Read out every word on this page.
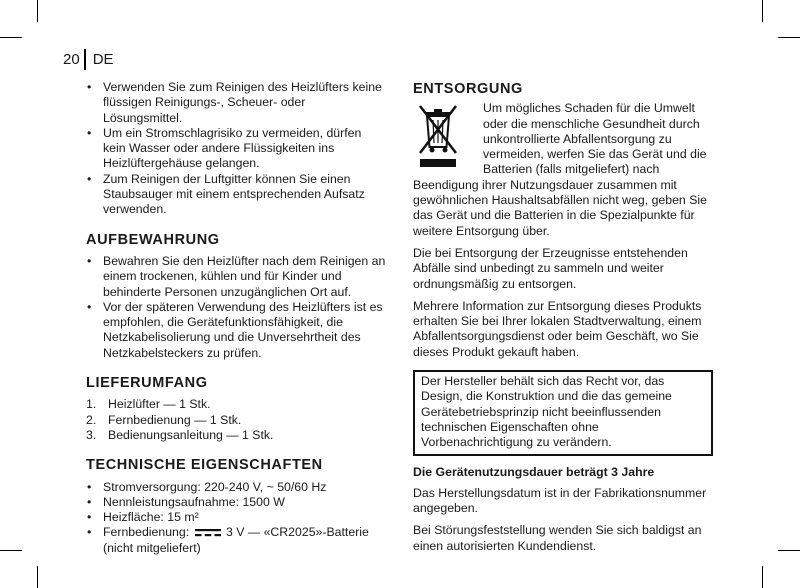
20 DE
• Verwenden Sie zum Reinigen des Heizlüfters keine flüssigen Reinigungs-, Scheuer- oder Lösungsmittel.
• Um ein Stromschlagrisiko zu vermeiden, dürfen kein Wasser oder andere Flüssigkeiten ins Heizlüftergehäuse gelangen.
• Zum Reinigen der Luftgitter können Sie einen Staubsauger mit einem entsprechenden Aufsatz verwenden.
AUFBEWAHRUNG
• Bewahren Sie den Heizlüfter nach dem Reinigen an einem trockenen, kühlen und für Kinder und behinderte Personen unzugänglichen Ort auf.
• Vor der späteren Verwendung des Heizlüfters ist es empfohlen, die Gerätefunktionsfähigkeit, die Netzkabelisolierung und die Unversehrtheit des Netzkabelsteckers zu prüfen.
LIEFERUMFANG
1. Heizlüfter — 1 Stk.
2. Fernbedienung — 1 Stk.
3. Bedienungsanleitung — 1 Stk.
TECHNISCHE EIGENSCHAFTEN
• Stromversorgung: 220-240 V, ~ 50/60 Hz
• Nennleistungsaufnahme: 1500 W
• Heizfläche: 15 m²
• Fernbedienung:	3 V — «CR2025»-Batterie (nicht mitgeliefert)
ENTSORGUNG

Um mögliches Schaden für die Umwelt oder die menschliche Gesundheit durch unkontrollierte Abfallentsorgung zu vermeiden, werfen Sie das Gerät und die Batterien (falls mitgeliefert) nach Beendigung ihrer Nutzungsdauer zusammen mit gewöhnlichen Haushaltsabfällen nicht weg, geben Sie das Gerät und die Batterien in die Spezialpunkte für weitere Entsorgung über.

Die bei Entsorgung der Erzeugnisse entstehenden Abfälle sind unbedingt zu sammeln und weiter ordnungsmäßig zu entsorgen.

Mehrere Information zur Entsorgung dieses Produkts erhalten Sie bei Ihrer lokalen Stadtverwaltung, einem Abfallentsorgungsdienst oder beim Geschäft, wo Sie dieses Produkt gekauft haben.

Der Hersteller behält sich das Recht vor, das Design, die Konstruktion und die das gemeine Gerätebetriebsprinzip nicht beeinflussenden technischen Eigenschaften ohne Vorbenachrichtigung zu verändern.
Die Gerätenutzungsdauer beträgt 3 Jahre

Das Herstellungsdatum ist in der Fabrikationsnummer angegeben.

Bei Störungsfeststellung wenden Sie sich baldigst an einen autorisierten Kundendienst.
